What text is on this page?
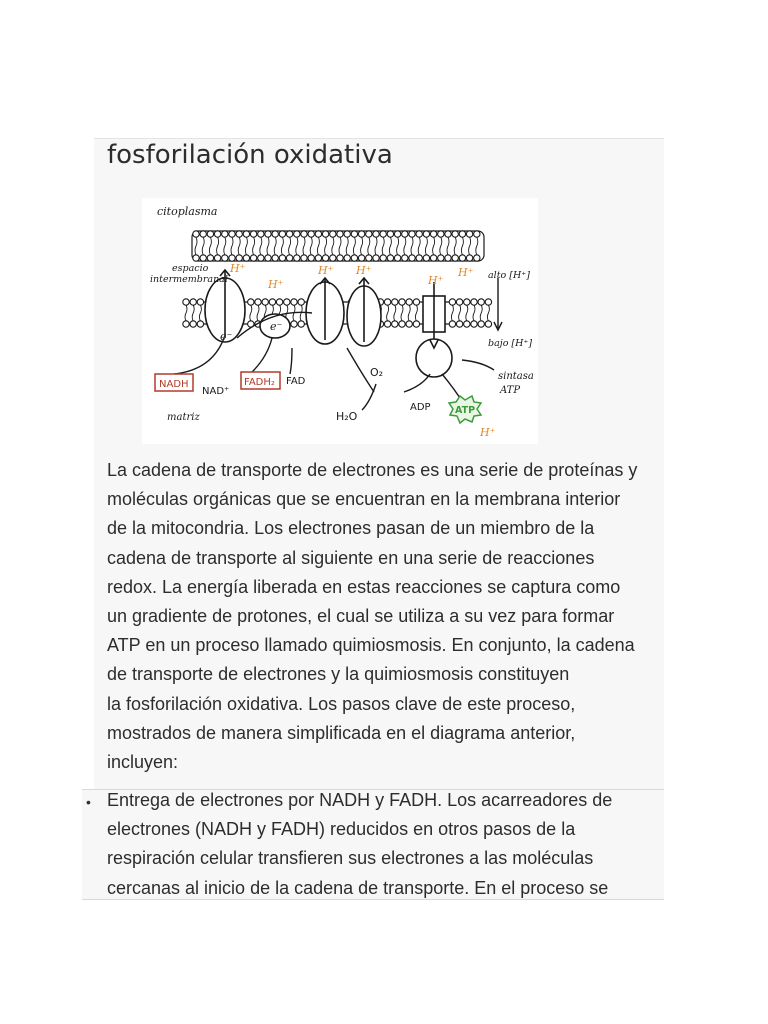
fosforilación oxidativa
citoplasma
espacio
intermembranal
matriz
alto [H⁺]
bajo [H⁺]
sintasa
ATP
H⁺
H⁺
H⁺ H⁺
H⁺
H⁺
H⁺
e⁻
e⁻
NADH
NAD⁺
FADH₂ FAD
O₂
H₂O
ADP	ATP

La cadena de transporte de electrones es una serie de proteínas y
moléculas orgánicas que se encuentran en la membrana interior
de la mitocondria. Los electrones pasan de un miembro de la
cadena de transporte al siguiente en una serie de reacciones
redox. La energía liberada en estas reacciones se captura como
un gradiente de protones, el cual se utiliza a su vez para formar
ATP en un proceso llamado quimiosmosis. En conjunto, la cadena
de transporte de electrones y la quimiosmosis constituyen
la fosforilación oxidativa. Los pasos clave de este proceso,
mostrados de manera simplificada en el diagrama anterior,
incluyen:

• Entrega de electrones por NADH y FADH. Los acarreadores de
electrones (NADH y FADH) reducidos en otros pasos de la
respiración celular transfieren sus electrones a las moléculas
cercanas al inicio de la cadena de transporte. En el proceso se
